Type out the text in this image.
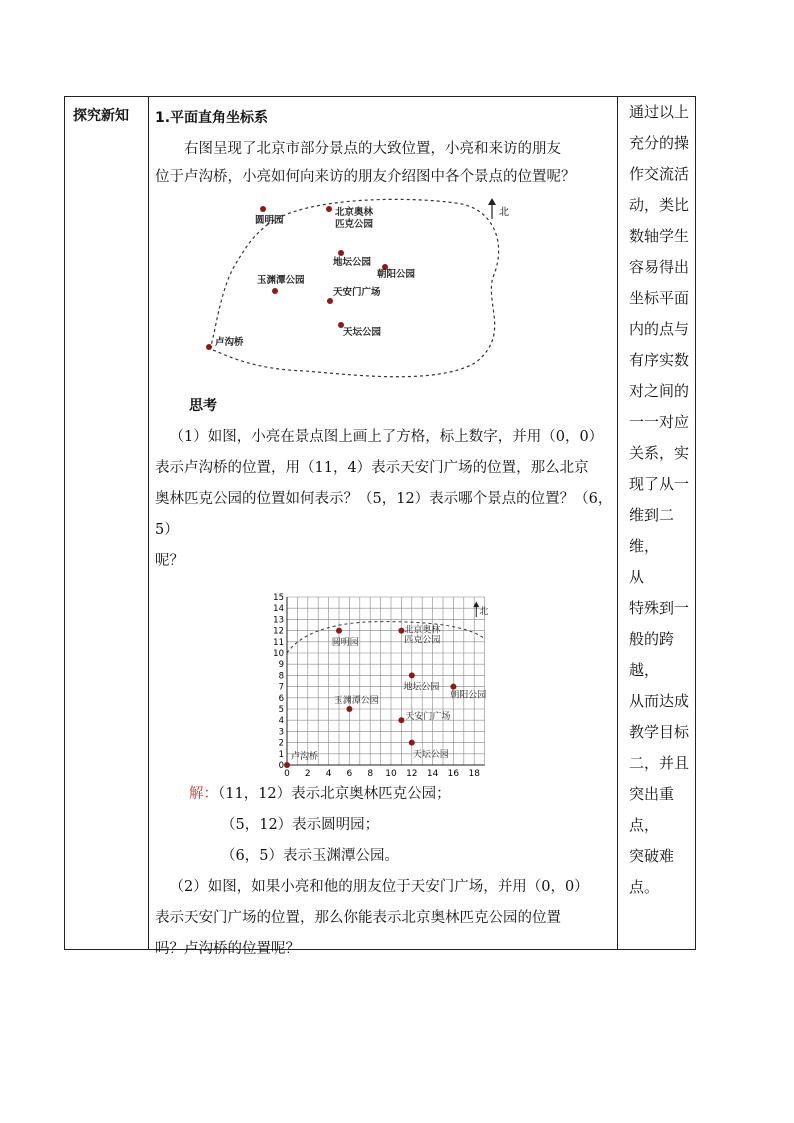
探究新知 1.平面直角坐标系

右图呈现了北京市部分景点的大致位置，小亮和来访的朋友

位于卢沟桥，小亮如何向来访的朋友介绍图中各个景点的位置呢？

北
圆明园
北京奥林
匹克公园
地坛公园
朝阳公园
玉渊潭公园
天安门广场
天坛公园
卢沟桥

思考

（1）如图，小亮在景点图上画上了方格，标上数字，并用（0，0）

表示卢沟桥的位置，用（11，4）表示天安门广场的位置，那么北京

奥林匹克公园的位置如何表示？（5，12）表示哪个景点的位置？（6，5）

呢？

0 2 4 6 8 10 12 14 16 18
0
1
2
3
4
5
6
7
8
9
10
11
12
13
14
15
北
卢沟桥
天安门广场
北京奥林
匹克公园
圆明园
玉渊潭公园
地坛公园
朝阳公园
天坛公园

解：（11，12）表示北京奥林匹克公园；

（5，12）表示圆明园；

（6，5）表示玉渊潭公园。

（2）如图，如果小亮和他的朋友位于天安门广场，并用（0，0）

表示天安门广场的位置，那么你能表示北京奥林匹克公园的位置

吗？卢沟桥的位置呢？

通过以上
充分的操
作交流活
动，类比
数轴学生
容易得出
坐标平面
内的点与
有序实数
对之间的
一一对应
关系，实
现了从一
维到二维，
从
特殊到一
般的跨越，
从而达成
教学目标
二，并且
突出重点，
突破难点。
